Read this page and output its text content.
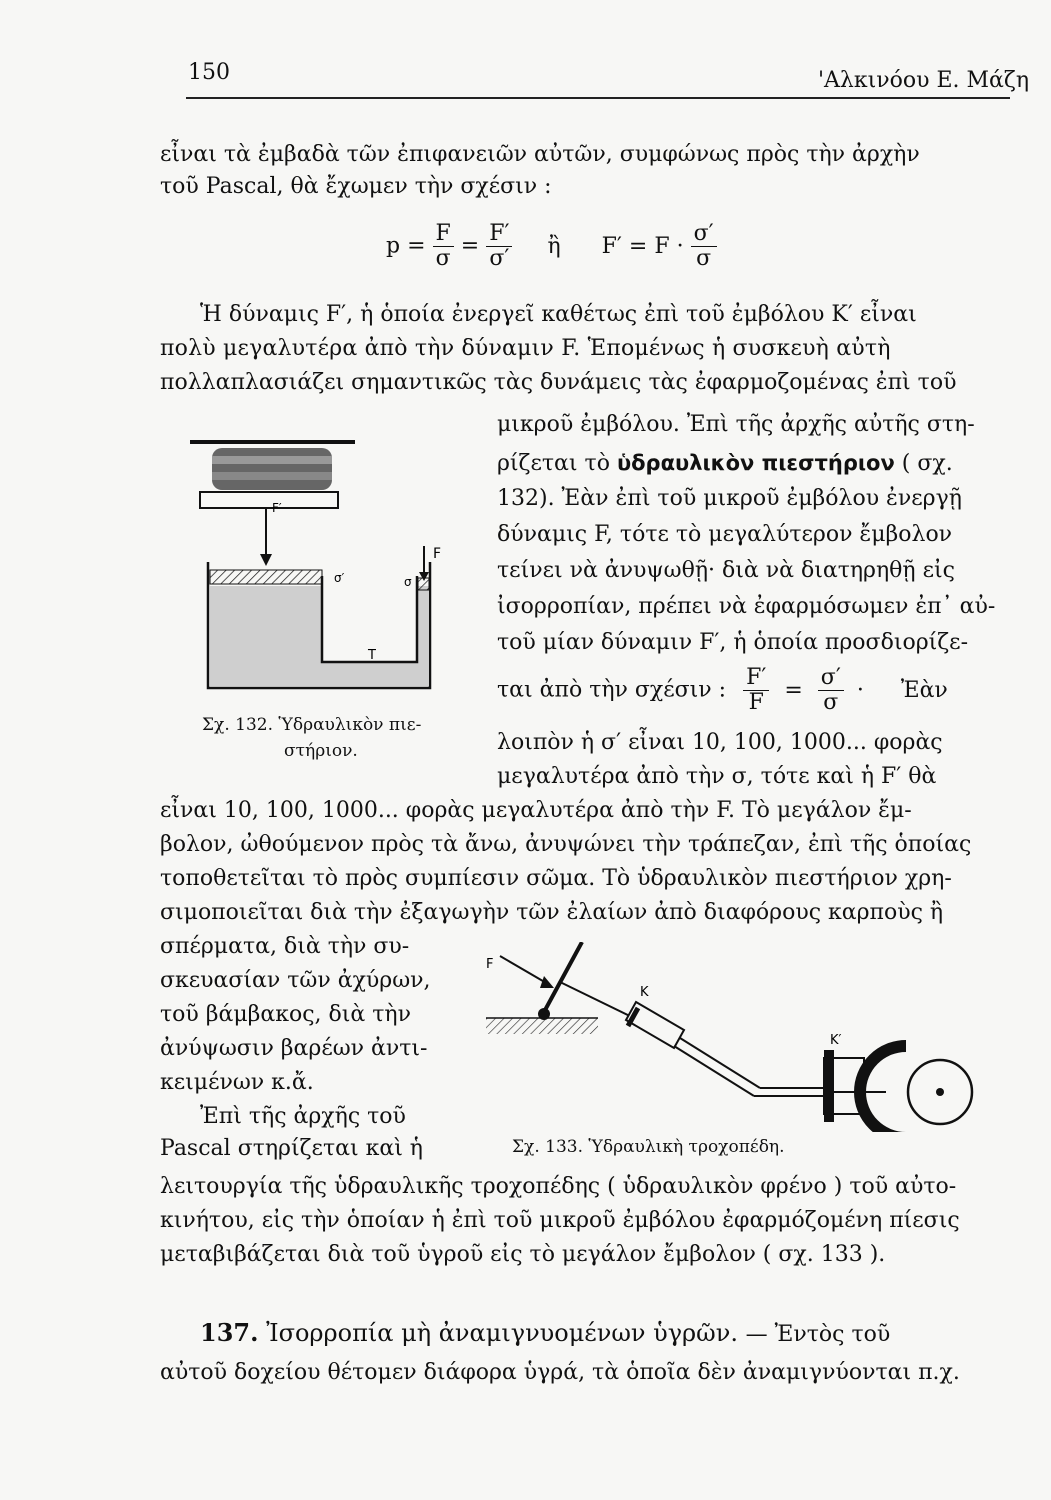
150	'Αλκινόου Ε. Μάζη
εἶναι τὰ ἐμβαδὰ τῶν ἐπιφανειῶν αὐτῶν, συμφώνως πρὸς τὴν ἀρχὴν
τοῦ Pascal, θὰ ἔχωμεν τὴν σχέσιν :
$p = \frac{F}{\sigma} = \frac{F'}{\sigma'}$ ἢ $F' = F \cdot \frac{\sigma'}{\sigma}$
Ἡ δύναμις F′, ἡ ὁποία ἐνεργεῖ καθέτως ἐπὶ τοῦ ἐμβόλου Κ′ εἶναι
πολὺ μεγαλυτέρα ἀπὸ τὴν δύναμιν F. Ἑπομένως ἡ συσκευὴ αὐτὴ
πολλαπλασιάζει σημαντικῶς τὰς δυνάμεις τὰς ἐφαρμοζομένας ἐπὶ τοῦ
μικροῦ ἐμβόλου. Ἐπὶ τῆς ἀρχῆς αὐτῆς στη-
ρίζεται τὸ ὑδραυλικὸν πιεστήριον ( σχ.
132). Ἐὰν ἐπὶ τοῦ μικροῦ ἐμβόλου ἐνεργῇ
δύναμις F, τότε τὸ μεγαλύτερον ἔμβολον
τείνει νὰ ἀνυψωθῇ· διὰ νὰ διατηρηθῇ εἰς
ἰσορροπίαν, πρέπει νὰ ἐφαρμόσωμεν ἐπ᾿ αὐ-
τοῦ μίαν δύναμιν F′, ἡ ὁποία προσδιορίζε-
ται ἀπὸ τὴν σχέσιν : $\frac{F'}{F} = \frac{\sigma'}{\sigma}$ · Ἐὰν
λοιπὸν ἡ σ′ εἶναι 10, 100, 1000... φορὰς
μεγαλυτέρα ἀπὸ τὴν σ, τότε καὶ ἡ F′ θὰ
F′
F
σ′	σ
T
Σχ. 132. Ὑδραυλικὸν πιε-
στήριον.
εἶναι 10, 100, 1000... φορὰς μεγαλυτέρα ἀπὸ τὴν F. Τὸ μεγάλον ἔμ-
βολον, ὠθούμενον πρὸς τὰ ἄνω, ἀνυψώνει τὴν τράπεζαν, ἐπὶ τῆς ὁποίας
τοποθετεῖται τὸ πρὸς συμπίεσιν σῶμα. Τὸ ὑδραυλικὸν πιεστήριον χρη-
σιμοποιεῖται διὰ τὴν ἐξαγωγὴν τῶν ἐλαίων ἀπὸ διαφόρους καρποὺς ἢ
σπέρματα, διὰ τὴν συ-
σκευασίαν τῶν ἀχύρων,
τοῦ βάμβακος, διὰ τὴν
ἀνύψωσιν βαρέων ἀντι-
κειμένων κ.ἄ.
Ἐπὶ τῆς ἀρχῆς τοῦ
Pascal στηρίζεται καὶ ἡ
F
K
K′
Σχ. 133. Ὑδραυλικὴ τροχοπέδη.
λειτουργία τῆς ὑδραυλικῆς τροχοπέδης ( ὑδραυλικὸν φρένο ) τοῦ αὐτο-
κινήτου, εἰς τὴν ὁποίαν ἡ ἐπὶ τοῦ μικροῦ ἐμβόλου ἐφαρμόζομένη πίεσις
μεταβιβάζεται διὰ τοῦ ὑγροῦ εἰς τὸ μεγάλον ἔμβολον ( σχ. 133 ).
137. Ἰσορροπία μὴ ἀναμιγνυομένων ὑγρῶν. — Ἐντὸς τοῦ
αὐτοῦ δοχείου θέτομεν διάφορα ὑγρά, τὰ ὁποῖα δὲν ἀναμιγνύονται π.χ.
